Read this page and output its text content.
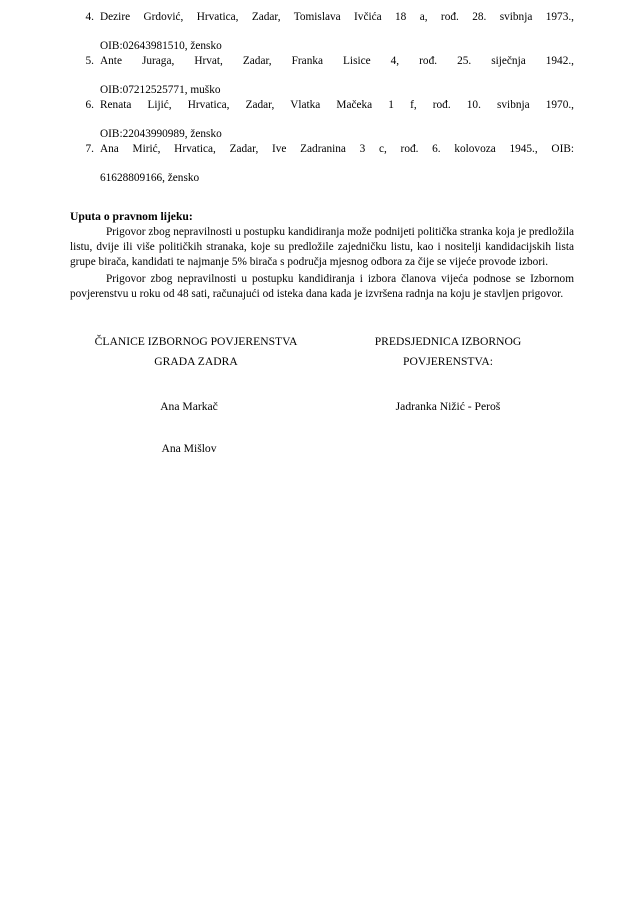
4. Dezire Grdović, Hrvatica, Zadar, Tomislava Ivčića 18 a, rođ. 28. svibnja 1973.,
OIB:02643981510, žensko
5. Ante Juraga, Hrvat, Zadar, Franka Lisice 4, rođ. 25. siječnja 1942.,
OIB:07212525771, muško
6. Renata Lijić, Hrvatica, Zadar, Vlatka Mačeka 1 f, rođ. 10. svibnja 1970.,
OIB:22043990989, žensko
7. Ana Mirić, Hrvatica, Zadar, Ive Zadranina 3 c, rođ. 6. kolovoza 1945., OIB:
61628809166, žensko
Uputa o pravnom lijeku:

Prigovor zbog nepravilnosti u postupku kandidiranja može podnijeti politička stranka koja je predložila listu, dvije ili više političkih stranaka, koje su predložile zajedničku listu, kao i nositelji kandidacijskih lista grupe birača, kandidati te najmanje 5% birača s područja mjesnog odbora za čije se vijeće provode izbori.

Prigovor zbog nepravilnosti u postupku kandidiranja i izbora članova vijeća podnose se Izbornom povjerenstvu u roku od 48 sati, računajući od isteka dana kada je izvršena radnja na koju je stavljen prigovor.

ČLANICE IZBORNOG POVJERENSTVA
GRADA ZADRA
Ana Markač
Ana Mišlov
PREDSJEDNICA IZBORNOG
POVJERENSTVA:
Jadranka Nižić - Peroš
